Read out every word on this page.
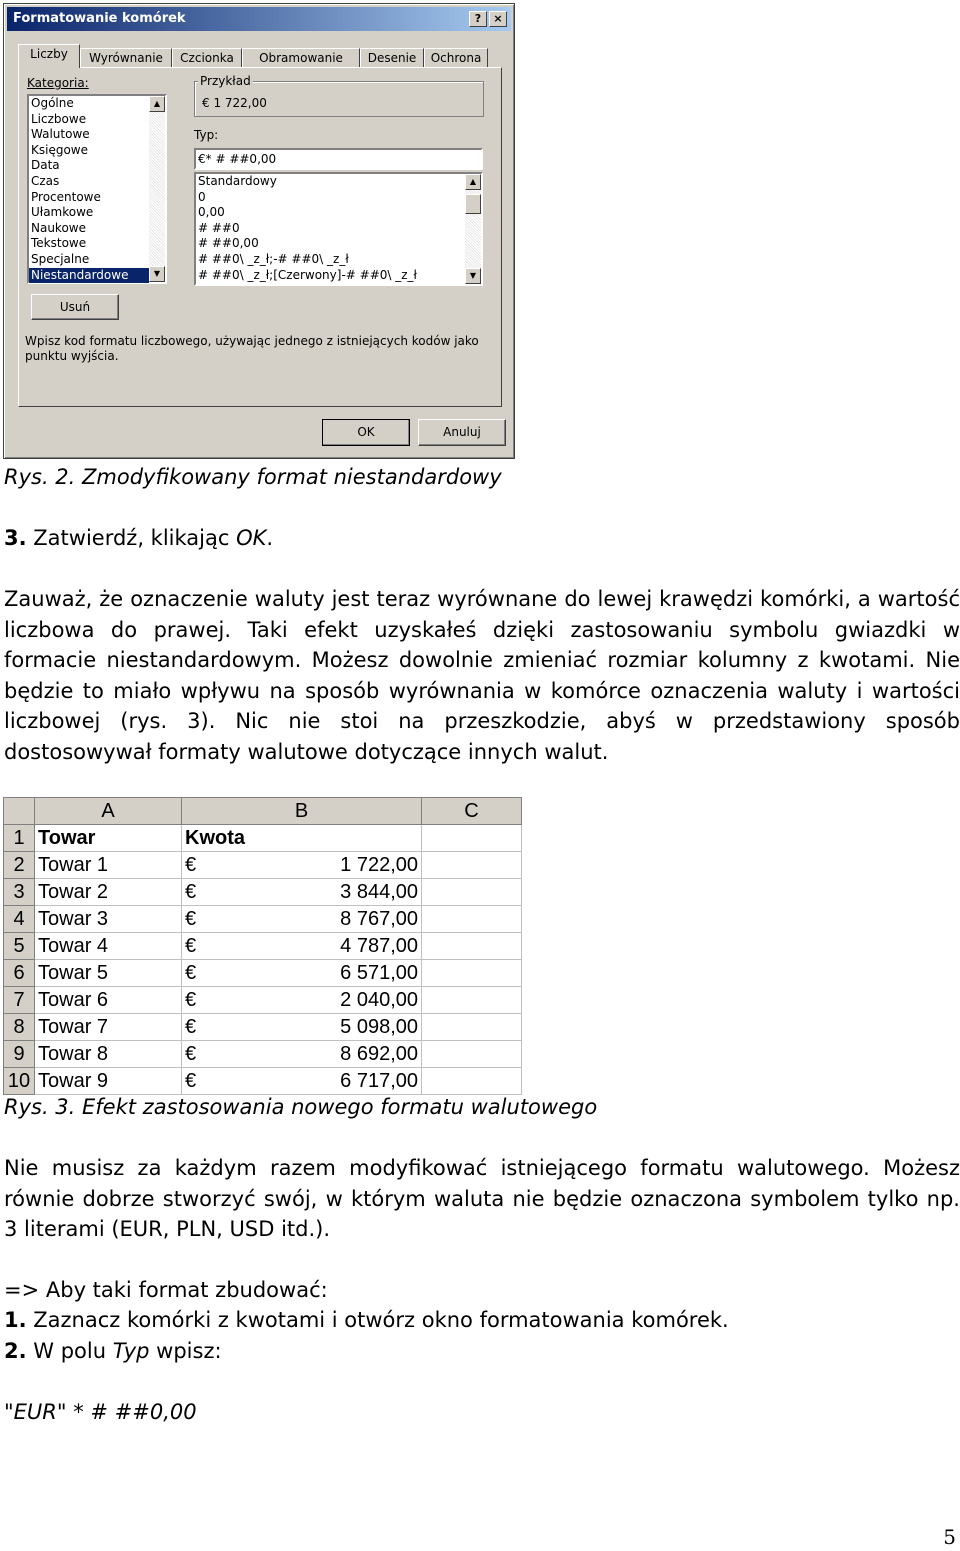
Formatowanie komórek	?	×
Liczby	Wyrównanie	Czcionka	Obramowanie	Desenie	Ochrona
Kategoria:
Ogólne
Liczbowe
Walutowe
Księgowe
Data
Czas
Procentowe
Ułamkowe
Naukowe
Tekstowe
Specjalne
Niestandardowe
▲
▼
Przykład
€ 1 722,00
Typ:
€* # ##0,00
Standardowy
0
0,00
# ##0
# ##0,00
# ##0\ _z_ł;-# ##0\ _z_ł
# ##0\ _z_ł;[Czerwony]-# ##0\ _z_ł
▲
▼
Usuń
Wpisz kod formatu liczbowego, używając jednego z istniejących kodów jako punktu wyjścia.
OK	Anuluj
Rys. 2. Zmodyfikowany format niestandardowy
3. Zatwierdź, klikając OK.
Zauważ, że oznaczenie waluty jest teraz wyrównane do lewej krawędzi komórki, a wartość liczbowa do prawej. Taki efekt uzyskałeś dzięki zastosowaniu symbolu gwiazdki w formacie niestandardowym. Możesz dowolnie zmieniać rozmiar kolumny z kwotami. Nie będzie to miało wpływu na sposób wyrównania w komórce oznaczenia waluty i wartości liczbowej (rys. 3). Nic nie stoi na przeszkodzie, abyś w przedstawiony sposób dostosowywał formaty walutowe dotyczące innych walut.
	A	B	C
1	Towar	Kwota	
2	Towar 1	€ 1 722,00	

3	Towar 2	€ 3 844,00	

4	Towar 3	€ 8 767,00	

5	Towar 4	€ 4 787,00	

6	Towar 5	€ 6 571,00	

7	Towar 6	€ 2 040,00	

8	Towar 7	€ 5 098,00	

9	Towar 8	€ 8 692,00	

10	Towar 9	€ 6 717,00	

Rys. 3. Efekt zastosowania nowego formatu walutowego
Nie musisz za każdym razem modyfikować istniejącego formatu walutowego. Możesz równie dobrze stworzyć swój, w którym waluta nie będzie oznaczona symbolem tylko np. 3 literami (EUR, PLN, USD itd.).
=> Aby taki format zbudować:
1. Zaznacz komórki z kwotami i otwórz okno formatowania komórek.
2. W polu Typ wpisz:
"EUR" * # ##0,00
5
